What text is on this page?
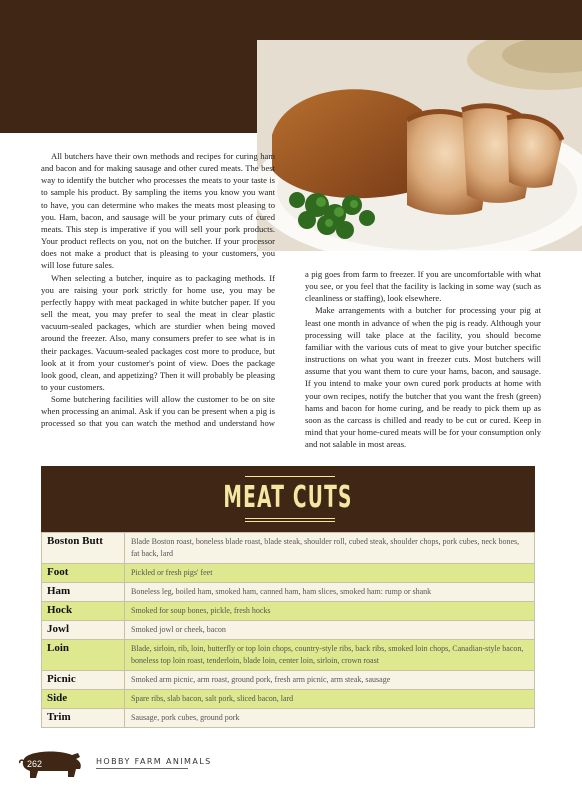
All butchers have their own methods and recipes for curing ham and bacon and for making sausage and other cured meats. The best way to identify the butcher who processes the meats to your taste is to sample his product. By sampling the items you know you want to have, you can determine who makes the meats most pleasing to you. Ham, bacon, and sausage will be your primary cuts of cured meats. This step is imperative if you will sell your pork products. Your product reflects on you, not on the butcher. If your processor does not make a product that is pleasing to your customers, you will lose future sales.

When selecting a butcher, inquire as to packaging methods. If you are raising your pork strictly for home use, you may be perfectly happy with meat packaged in white butcher paper. If you sell the meat, you may prefer to seal the meat in clear plastic vacuum-sealed packages, which are sturdier when being moved around the freezer. Also, many consumers prefer to see what is in their packages. Vacuum-sealed packages cost more to produce, but look at it from your customer's point of view. Does the package look good, clean, and appetizing? Then it will probably be pleasing to your customers.

Some butchering facilities will allow the customer to be on site when processing an animal. Ask if you can be present when a pig is processed so that you can watch the method and understand how

a pig goes from farm to freezer. If you are uncomfortable with what you see, or you feel that the facility is lacking in some way (such as cleanliness or staffing), look elsewhere.

Make arrangements with a butcher for processing your pig at least one month in advance of when the pig is ready. Although your processing will take place at the facility, you should become familiar with the various cuts of meat to give your butcher specific instructions on what you want in freezer cuts. Most butchers will assume that you want them to cure your hams, bacon, and sausage. If you intend to make your own cured pork products at home with your own recipes, notify the butcher that you want the fresh (green) hams and bacon for home curing, and be ready to pick them up as soon as the carcass is chilled and ready to be cut or cured. Keep in mind that your home-cured meats will be for your consumption only and not salable in most areas.

MEAT CUTS
Boston Butt	Blade Boston roast, boneless blade roast, blade steak, shoulder roll, cubed steak, shoulder chops, pork cubes, neck bones, fat back, lard
Foot	Pickled or fresh pigs' feet
Ham	Boneless leg, boiled ham, smoked ham, canned ham, ham slices, smoked ham: rump or shank
Hock	Smoked for soup bones, pickle, fresh hocks
Jowl	Smoked jowl or cheek, bacon
Loin	Blade, sirloin, rib, loin, butterfly or top loin chops, country-style ribs, back ribs, smoked loin chops, Canadian-style bacon, boneless top loin roast, tenderloin, blade loin, center loin, sirloin, crown roast
Picnic	Smoked arm picnic, arm roast, ground pork, fresh arm picnic, arm steak, sausage
Side	Spare ribs, slab bacon, salt pork, sliced bacon, lard
Trim	Sausage, pork cubes, ground pork
262	HOBBY FARM ANIMALS
